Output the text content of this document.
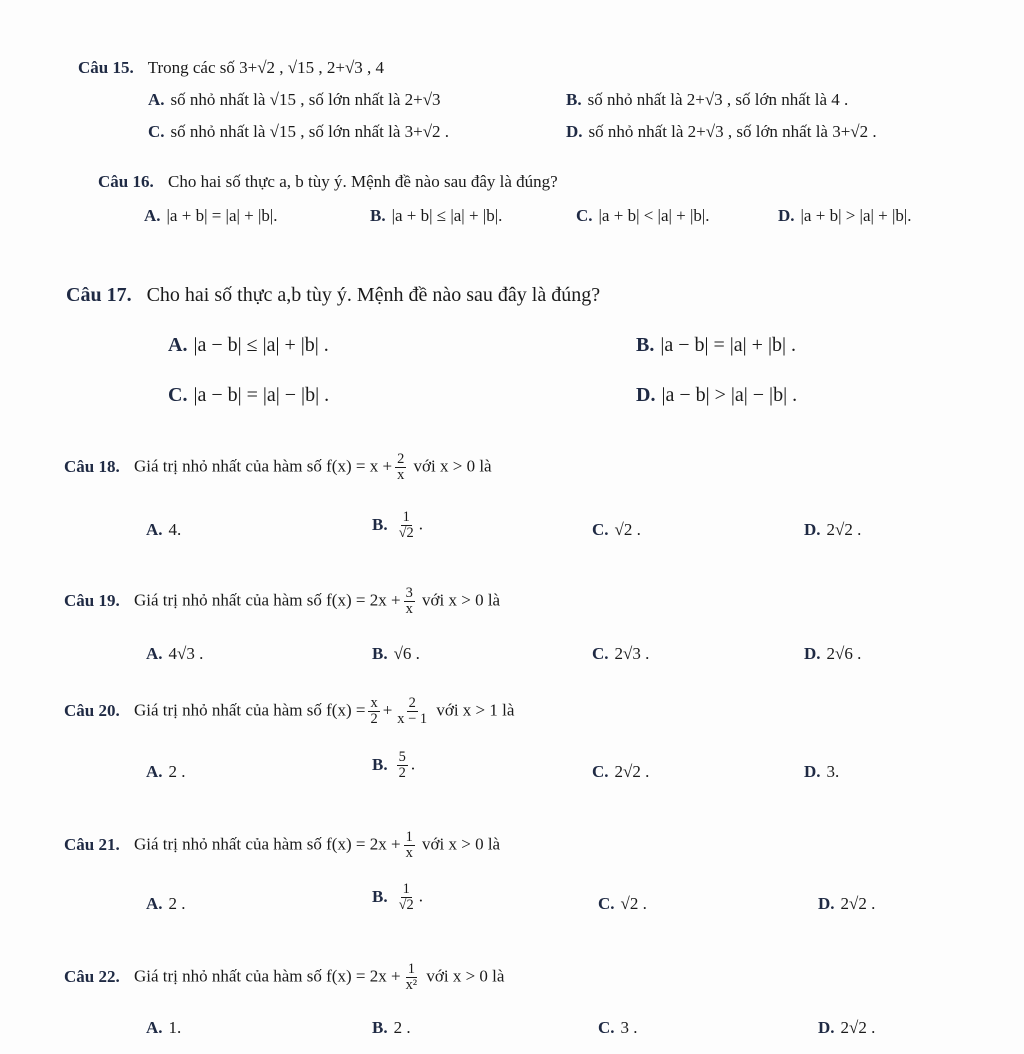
Câu 15. Trong các số 3+√2 , √15 , 2+√3 , 4
A. số nhỏ nhất là √15 , số lớn nhất là 2+√3	B. số nhỏ nhất là 2+√3 , số lớn nhất là 4 .
C. số nhỏ nhất là √15 , số lớn nhất là 3+√2 .	D. số nhỏ nhất là 2+√3 , số lớn nhất là 3+√2 .
Câu 16. Cho hai số thực a, b tùy ý. Mệnh đề nào sau đây là đúng?
A. |a + b| = |a| + |b|.	B. |a + b| ≤ |a| + |b|.	C. |a + b| < |a| + |b|.	D. |a + b| > |a| + |b|.
Câu 17. Cho hai số thực a,b tùy ý. Mệnh đề nào sau đây là đúng?
A. |a − b| ≤ |a| + |b| .	B. |a − b| = |a| + |b| .
C. |a − b| = |a| − |b| .	D. |a − b| > |a| − |b| .
Câu 18. Giá trị nhỏ nhất của hàm số $f(x) = x + \frac{2}{x}$ với x > 0 là
A. 4.	B. $\frac{1}{√2}$ .	C. √2 .	D. 2√2 .
Câu 19. Giá trị nhỏ nhất của hàm số $f(x) = 2x + \frac{3}{x}$ với x > 0 là
A. 4√3 .	B. √6 .	C. 2√3 .	D. 2√6 .
Câu 20. Giá trị nhỏ nhất của hàm số $f(x) = \frac{x}{2} + \frac{2}{x - 1}$ với x > 1 là
A. 2 .	B. $\frac{5}{2}$ .	C. 2√2 .	D. 3.
Câu 21. Giá trị nhỏ nhất của hàm số $f(x) = 2x + \frac{1}{x}$ với x > 0 là
A. 2 .	B. $\frac{1}{√2}$ .	C. √2 .	D. 2√2 .
Câu 22. Giá trị nhỏ nhất của hàm số $f(x) = 2x + \frac{1}{\text{x²}}$ với x > 0 là
A. 1.	B. 2 .	C. 3 .	D. 2√2 .
